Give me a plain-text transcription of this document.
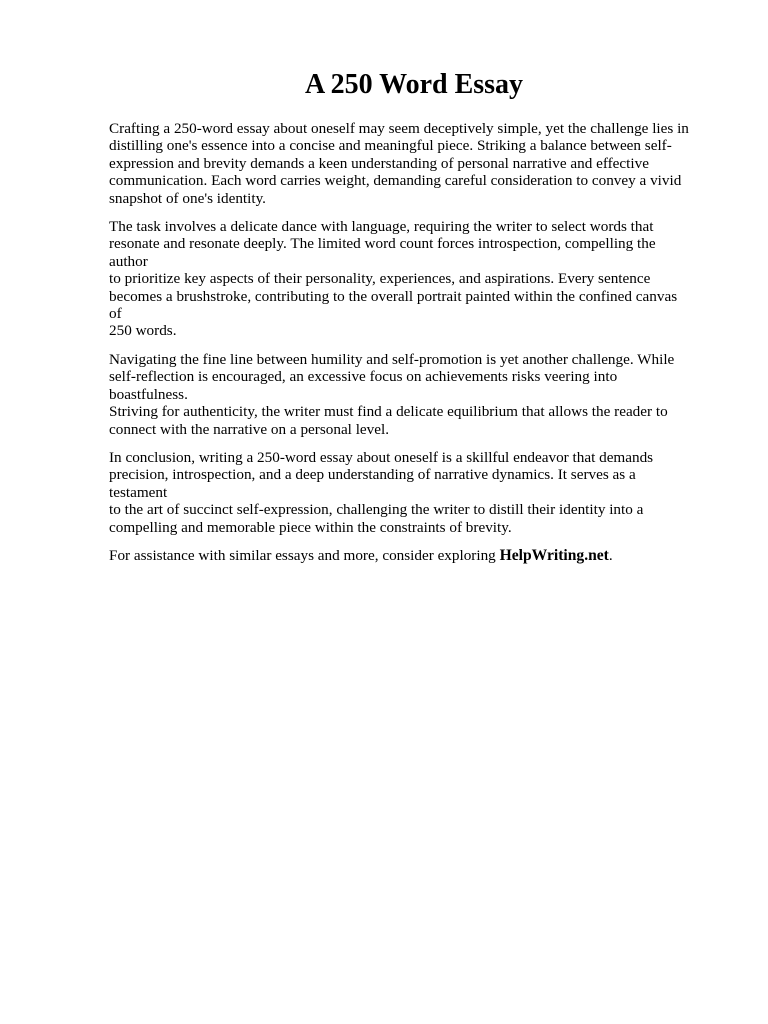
A 250 Word Essay

Crafting a 250-word essay about oneself may seem deceptively simple, yet the challenge lies in
distilling one's essence into a concise and meaningful piece. Striking a balance between self-
expression and brevity demands a keen understanding of personal narrative and effective
communication. Each word carries weight, demanding careful consideration to convey a vivid
snapshot of one's identity.

The task involves a delicate dance with language, requiring the writer to select words that
resonate and resonate deeply. The limited word count forces introspection, compelling the author
to prioritize key aspects of their personality, experiences, and aspirations. Every sentence
becomes a brushstroke, contributing to the overall portrait painted within the confined canvas of
250 words.

Navigating the fine line between humility and self-promotion is yet another challenge. While
self-reflection is encouraged, an excessive focus on achievements risks veering into boastfulness.
Striving for authenticity, the writer must find a delicate equilibrium that allows the reader to
connect with the narrative on a personal level.

In conclusion, writing a 250-word essay about oneself is a skillful endeavor that demands
precision, introspection, and a deep understanding of narrative dynamics. It serves as a testament
to the art of succinct self-expression, challenging the writer to distill their identity into a
compelling and memorable piece within the constraints of brevity.

For assistance with similar essays and more, consider exploring HelpWriting.net.
